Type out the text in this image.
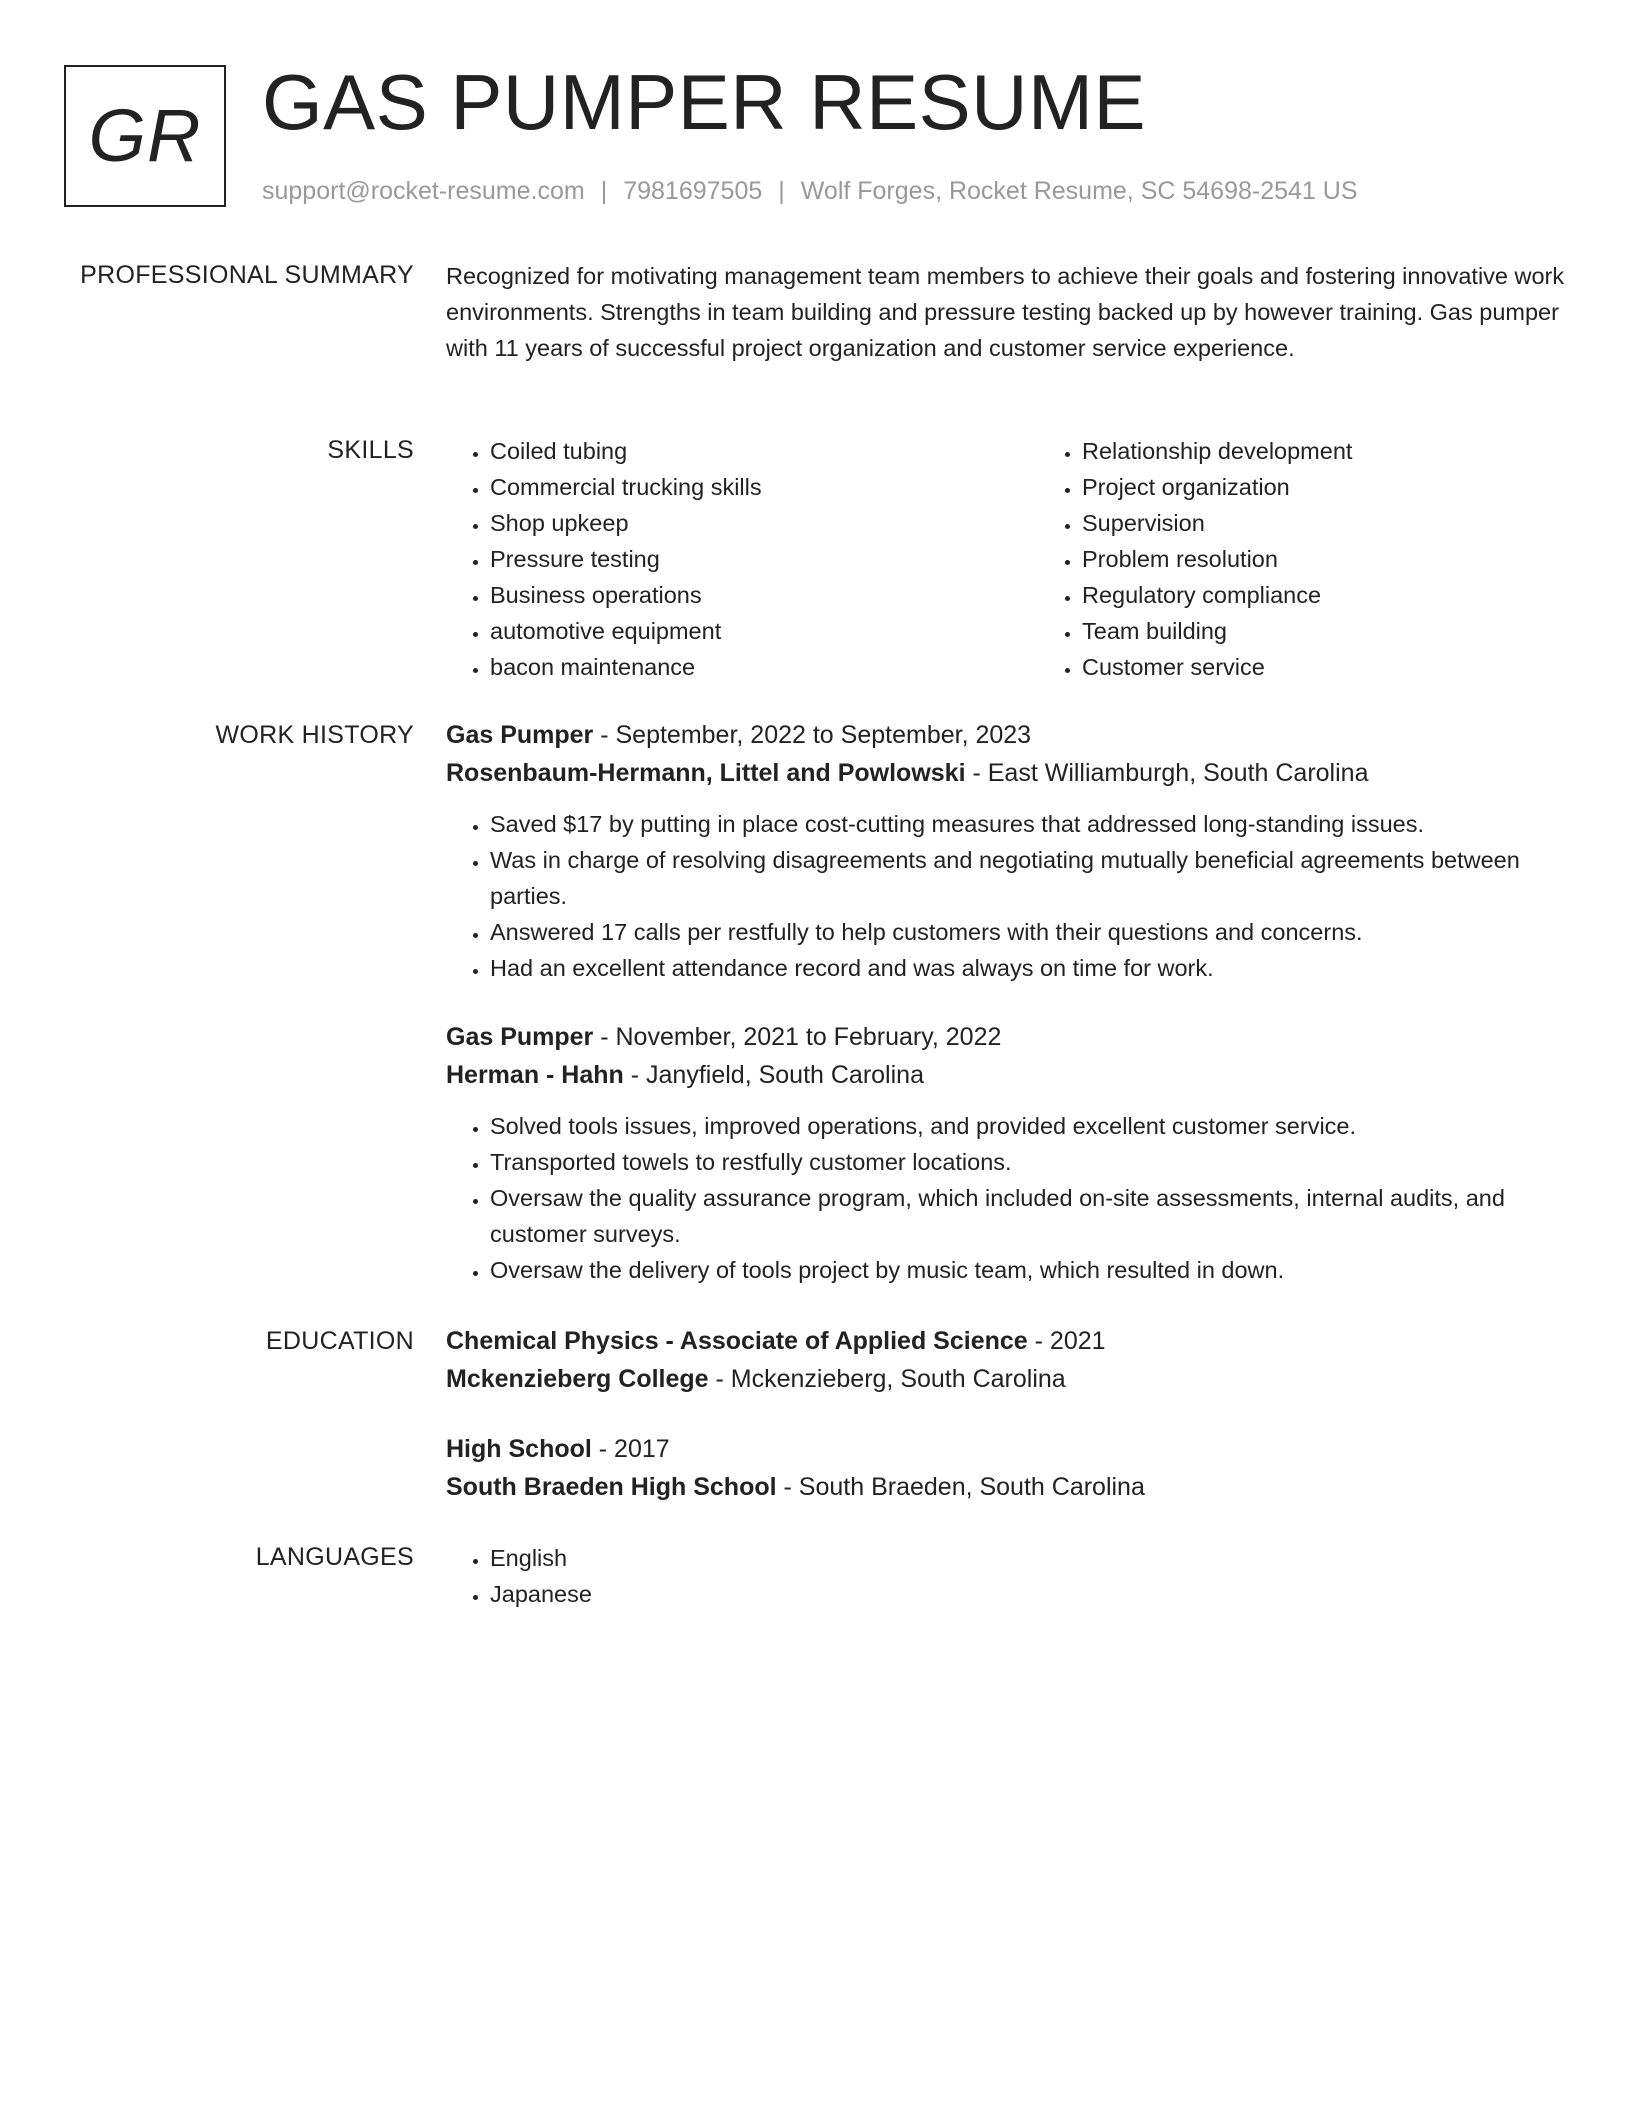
GR GAS PUMPER RESUME
support@rocket-resume.com | 7981697505 | Wolf Forges, Rocket Resume, SC 54698-2541 US
PROFESSIONAL SUMMARY Recognized for motivating management team members to achieve their goals and fostering innovative work environments. Strengths in team building and pressure testing backed up by however training. Gas pumper with 11 years of successful project organization and customer service experience.

SKILLS	• Coiled tubing
• Commercial trucking skills
• Shop upkeep
• Pressure testing
• Business operations
• automotive equipment
• bacon maintenance
• Relationship development
• Project organization
• Supervision
• Problem resolution
• Regulatory compliance
• Team building
• Customer service
WORK HISTORY Gas Pumper - September, 2022 to September, 2023
Rosenbaum-Hermann, Littel and Powlowski - East Williamburgh, South Carolina
• Saved $17 by putting in place cost-cutting measures that addressed long-standing issues.
• Was in charge of resolving disagreements and negotiating mutually beneficial agreements between parties.
• Answered 17 calls per restfully to help customers with their questions and concerns.
• Had an excellent attendance record and was always on time for work.
Gas Pumper - November, 2021 to February, 2022
Herman - Hahn - Janyfield, South Carolina
• Solved tools issues, improved operations, and provided excellent customer service.
• Transported towels to restfully customer locations.
• Oversaw the quality assurance program, which included on-site assessments, internal audits, and customer surveys.
• Oversaw the delivery of tools project by music team, which resulted in down.
EDUCATION Chemical Physics - Associate of Applied Science - 2021
Mckenzieberg College - Mckenzieberg, South Carolina
High School - 2017
South Braeden High School - South Braeden, South Carolina
LANGUAGES	• English
• Japanese
